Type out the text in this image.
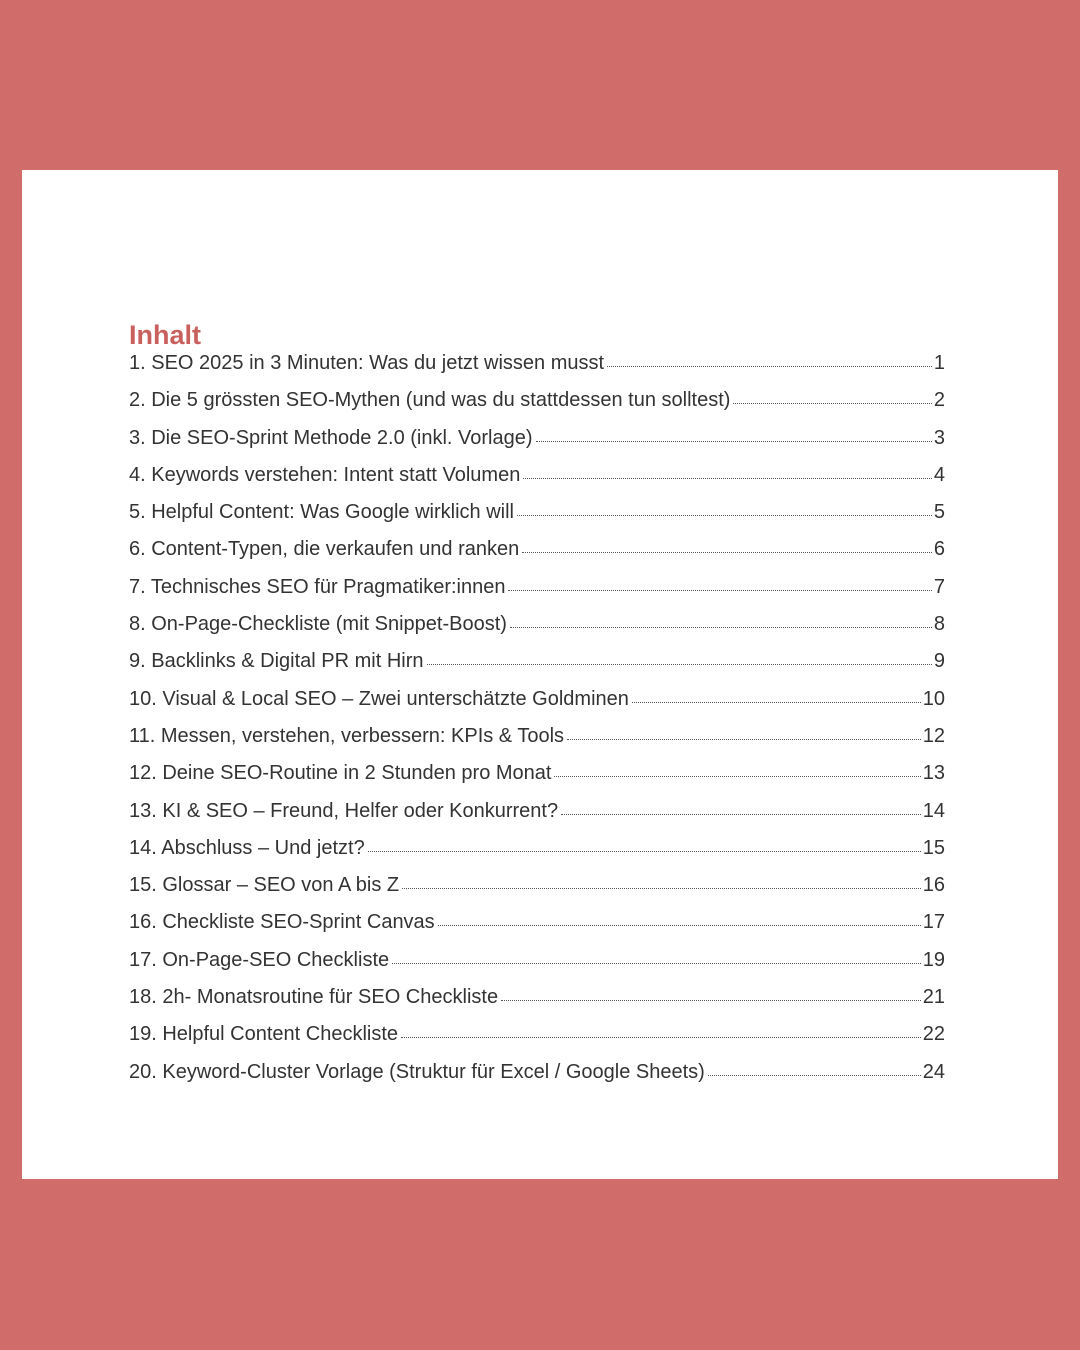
Inhalt
1. SEO 2025 in 3 Minuten: Was du jetzt wissen musst	1
2. Die 5 grössten SEO-Mythen (und was du stattdessen tun solltest)	2
3. Die SEO-Sprint Methode 2.0 (inkl. Vorlage)	3
4. Keywords verstehen: Intent statt Volumen	4
5. Helpful Content: Was Google wirklich will	5
6. Content-Typen, die verkaufen und ranken	6
7. Technisches SEO für Pragmatiker:innen	7
8. On-Page-Checkliste (mit Snippet-Boost)	8
9. Backlinks & Digital PR mit Hirn	9
10. Visual & Local SEO – Zwei unterschätzte Goldminen	10
11. Messen, verstehen, verbessern: KPIs & Tools	12
12. Deine SEO-Routine in 2 Stunden pro Monat	13
13. KI & SEO – Freund, Helfer oder Konkurrent?	14
14. Abschluss – Und jetzt?	15
15. Glossar – SEO von A bis Z	16
16. Checkliste SEO-Sprint Canvas	17
17. On-Page-SEO Checkliste	19
18. 2h- Monatsroutine für SEO Checkliste	21
19. Helpful Content Checkliste	22
20. Keyword-Cluster Vorlage (Struktur für Excel / Google Sheets)	24
